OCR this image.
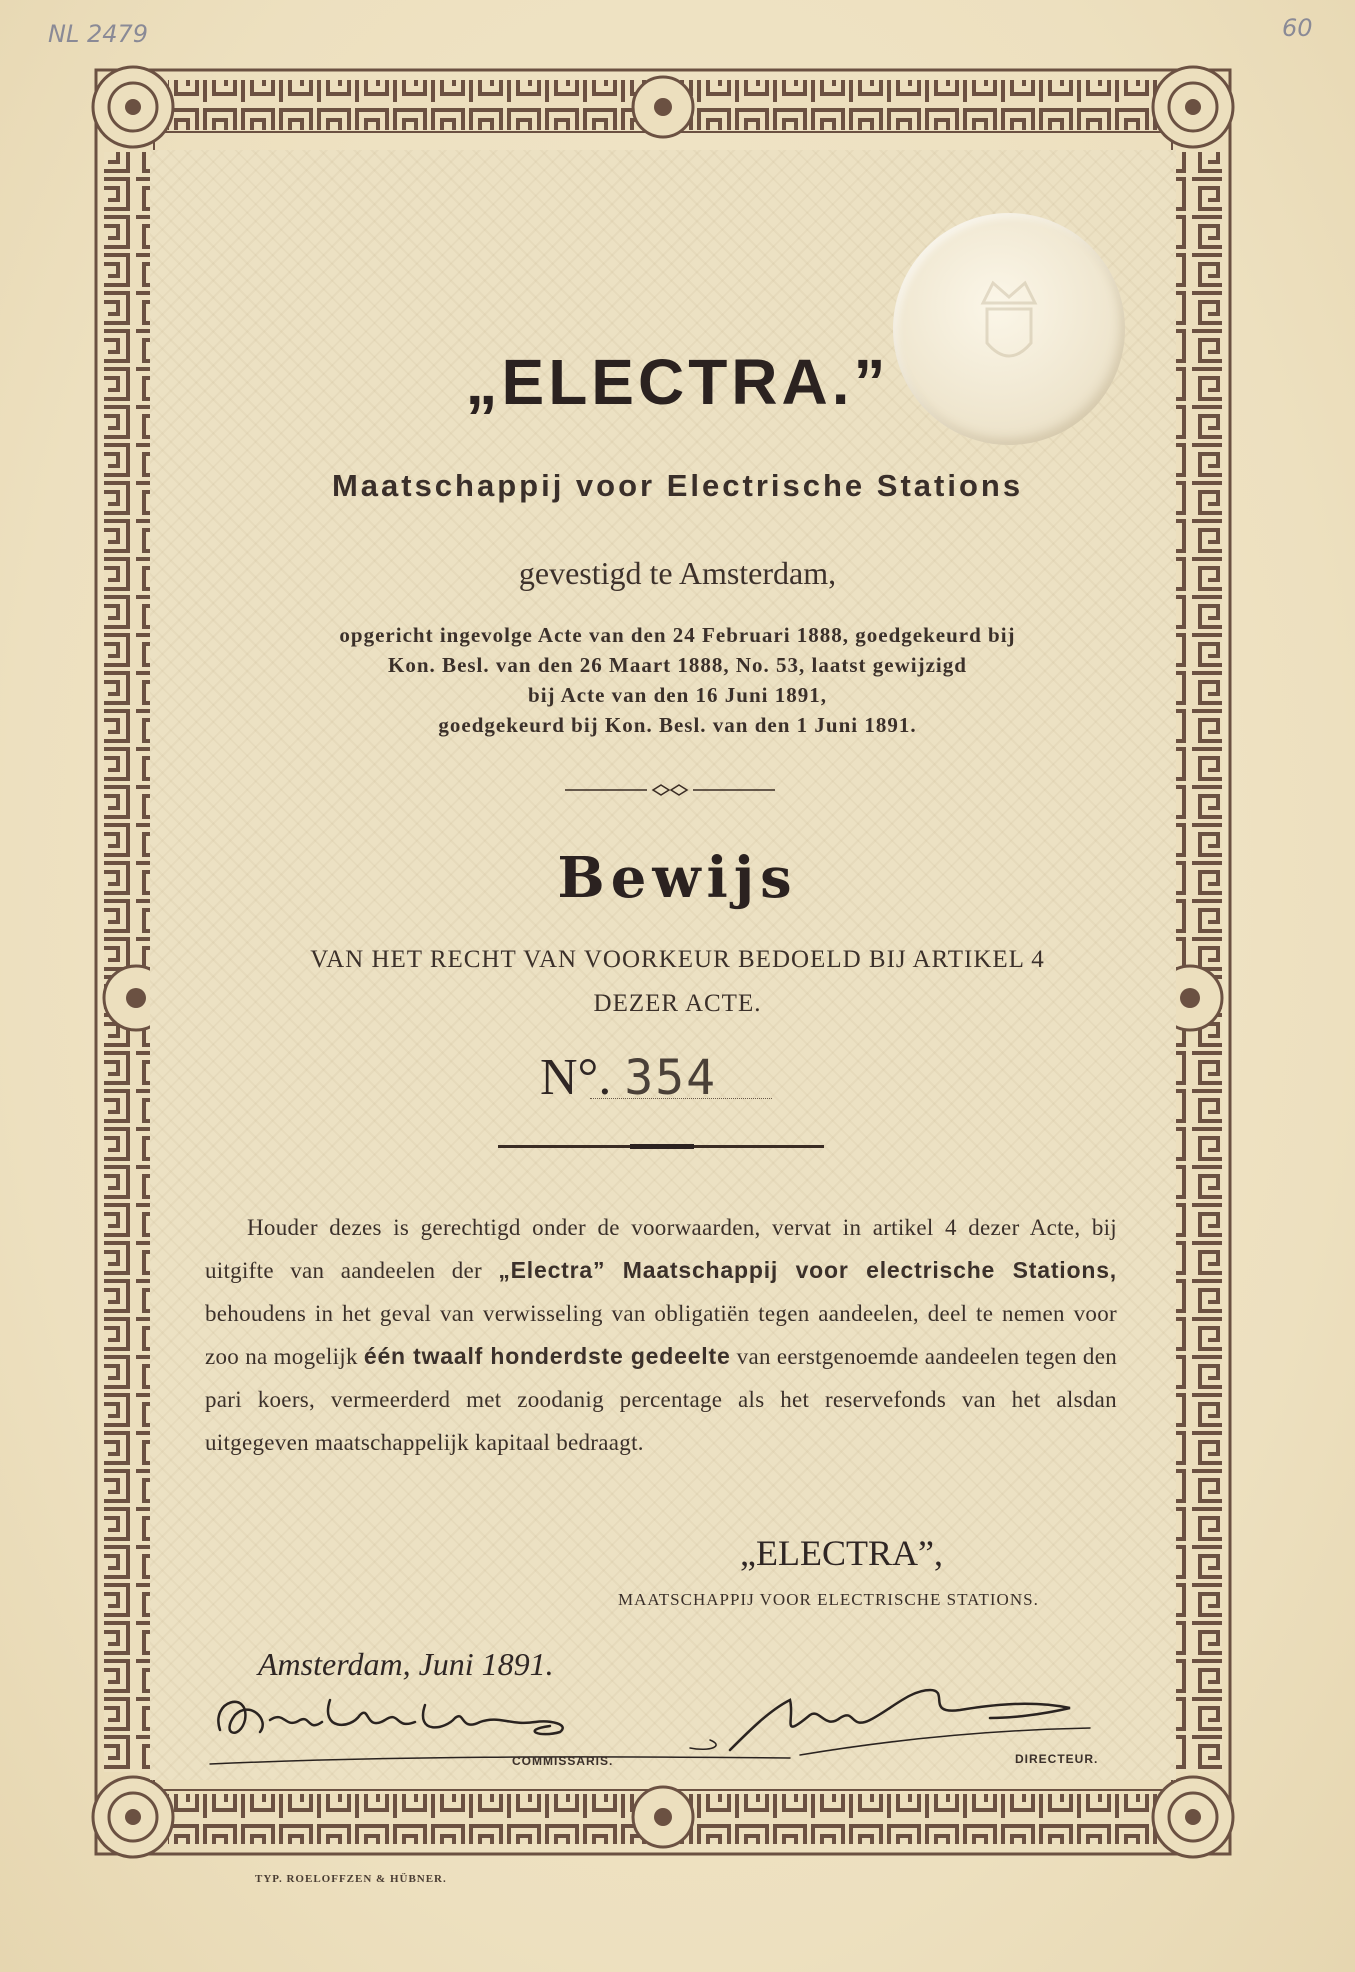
NL 2479	60
„ELECTRA.”
Maatschappij voor Electrische Stations
gevestigd te Amsterdam,
opgericht ingevolge Acte van den 24 Februari 1888, goedgekeurd bij
Kon. Besl. van den 26 Maart 1888, No. 53, laatst gewijzigd
bij Acte van den 16 Juni 1891,
goedgekeurd bij Kon. Besl. van den 1 Juni 1891.
Bewijs
VAN HET RECHT VAN VOORKEUR BEDOELD BIJ ARTIKEL 4
DEZER ACTE.
N°. 354
Houder dezes is gerechtigd onder de voorwaarden, vervat in artikel 4 dezer Acte, bij uitgifte van aandeelen der „Electra” Maatschappij voor electrische Stations, behoudens in het geval van verwisseling van obligatiën tegen aandeelen, deel te nemen voor zoo na mogelijk één twaalf honderdste gedeelte van eerstgenoemde aandeelen tegen den pari koers, vermeerderd met zoodanig percentage als het reservefonds van het alsdan uitgegeven maatschappelijk kapitaal bedraagt.
„ELECTRA”,
MAATSCHAPPIJ VOOR ELECTRISCHE STATIONS.
Amsterdam, Juni 1891.
COMMISSARIS.	DIRECTEUR.
TYP. ROELOFFZEN & HÜBNER.
